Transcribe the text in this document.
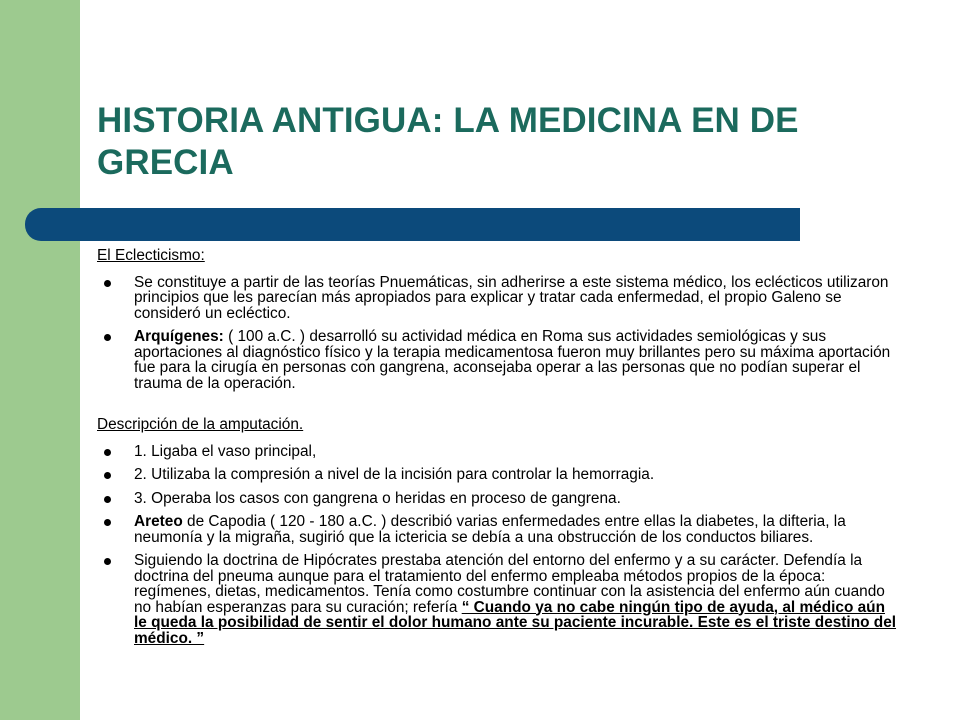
HISTORIA ANTIGUA: LA MEDICINA EN DE GRECIA

El Eclecticismo:

Se constituye a partir de las teorías Pnuemáticas, sin adherirse a este sistema médico, los eclécticos utilizaron principios que les parecían más apropiados para explicar y tratar cada enfermedad, el propio Galeno se consideró un ecléctico.
Arquígenes: ( 100 a.C. ) desarrolló su actividad médica en Roma sus actividades semiológicas y sus aportaciones al diagnóstico físico y la terapia medicamentosa fueron muy brillantes pero su máxima aportación fue para la cirugía en personas con gangrena, aconsejaba operar a las personas que no podían superar el trauma de la operación.

Descripción de la amputación.

1. Ligaba el vaso principal,
2. Utilizaba la compresión a nivel de la incisión para controlar la hemorragia.
3. Operaba los casos con gangrena o heridas en proceso de gangrena.
Areteo de Capodia ( 120 - 180 a.C. ) describió varias enfermedades entre ellas la diabetes, la difteria, la neumonía y la migraña, sugirió que la ictericia se debía a una obstrucción de los conductos biliares.
Siguiendo la doctrina de Hipócrates prestaba atención del entorno del enfermo y a su carácter. Defendía la doctrina del pneuma aunque para el tratamiento del enfermo empleaba métodos propios de la época: regímenes, dietas, medicamentos. Tenía como costumbre continuar con la asistencia del enfermo aún cuando no habían esperanzas para su curación; refería “ Cuando ya no cabe ningún tipo de ayuda, al médico aún le queda la posibilidad de sentir el dolor humano ante su paciente incurable. Este es el triste destino del médico. ”
